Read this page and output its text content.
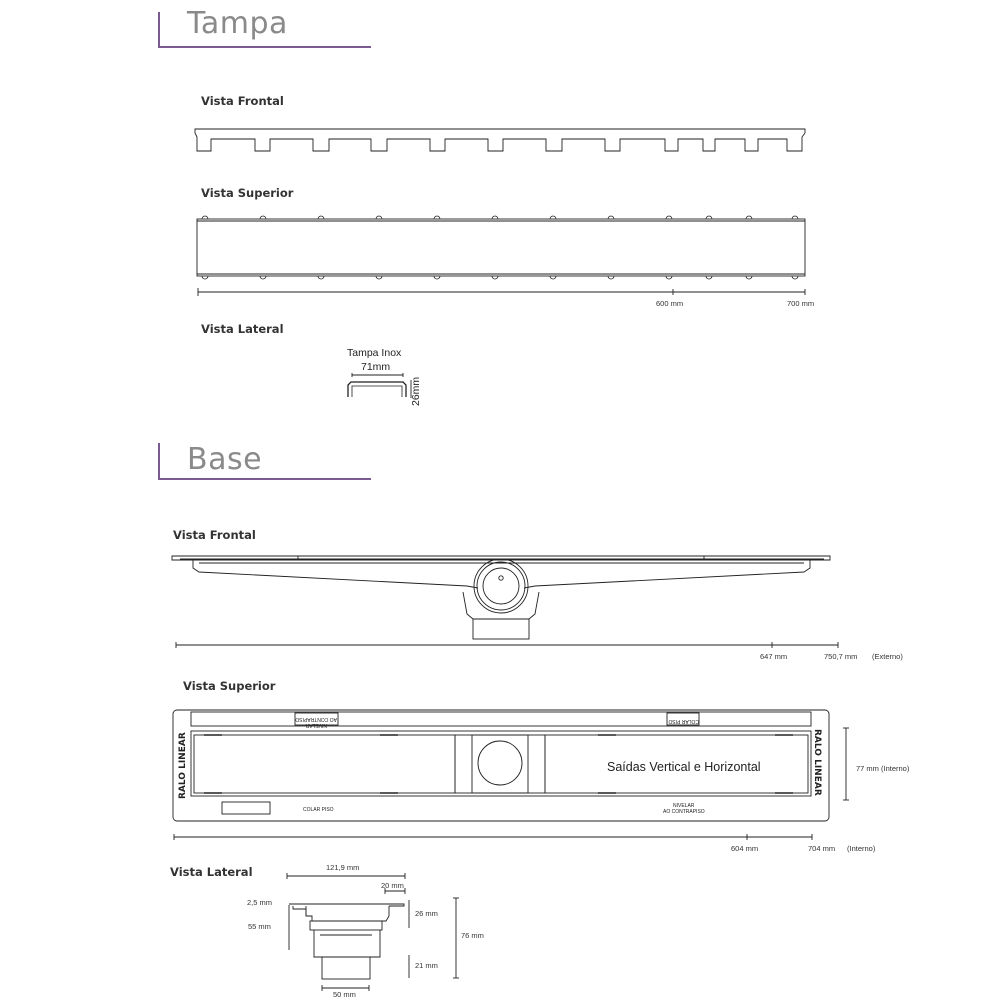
Tampa
Base
Vista Frontal
Vista Superior
Vista Lateral
Vista Frontal
Vista Superior
Vista Lateral
600 mm	700 mm
Tampa Inox
71mm
26mm
647 mm	750,7 mm (Externo)
RALO LINEAR	RALO LINEAR
Saídas Vertical e Horizontal
COLAR PISO
NIVELAR
AO CONTRAPISO
COLAR PISO
NIVELAR
AO CONTRAPISO
77 mm (Interno)
604 mm	704 mm (Interno)
121,9 mm
20 mm
2,5 mm
55 mm
26 mm
76 mm
21 mm
50 mm
